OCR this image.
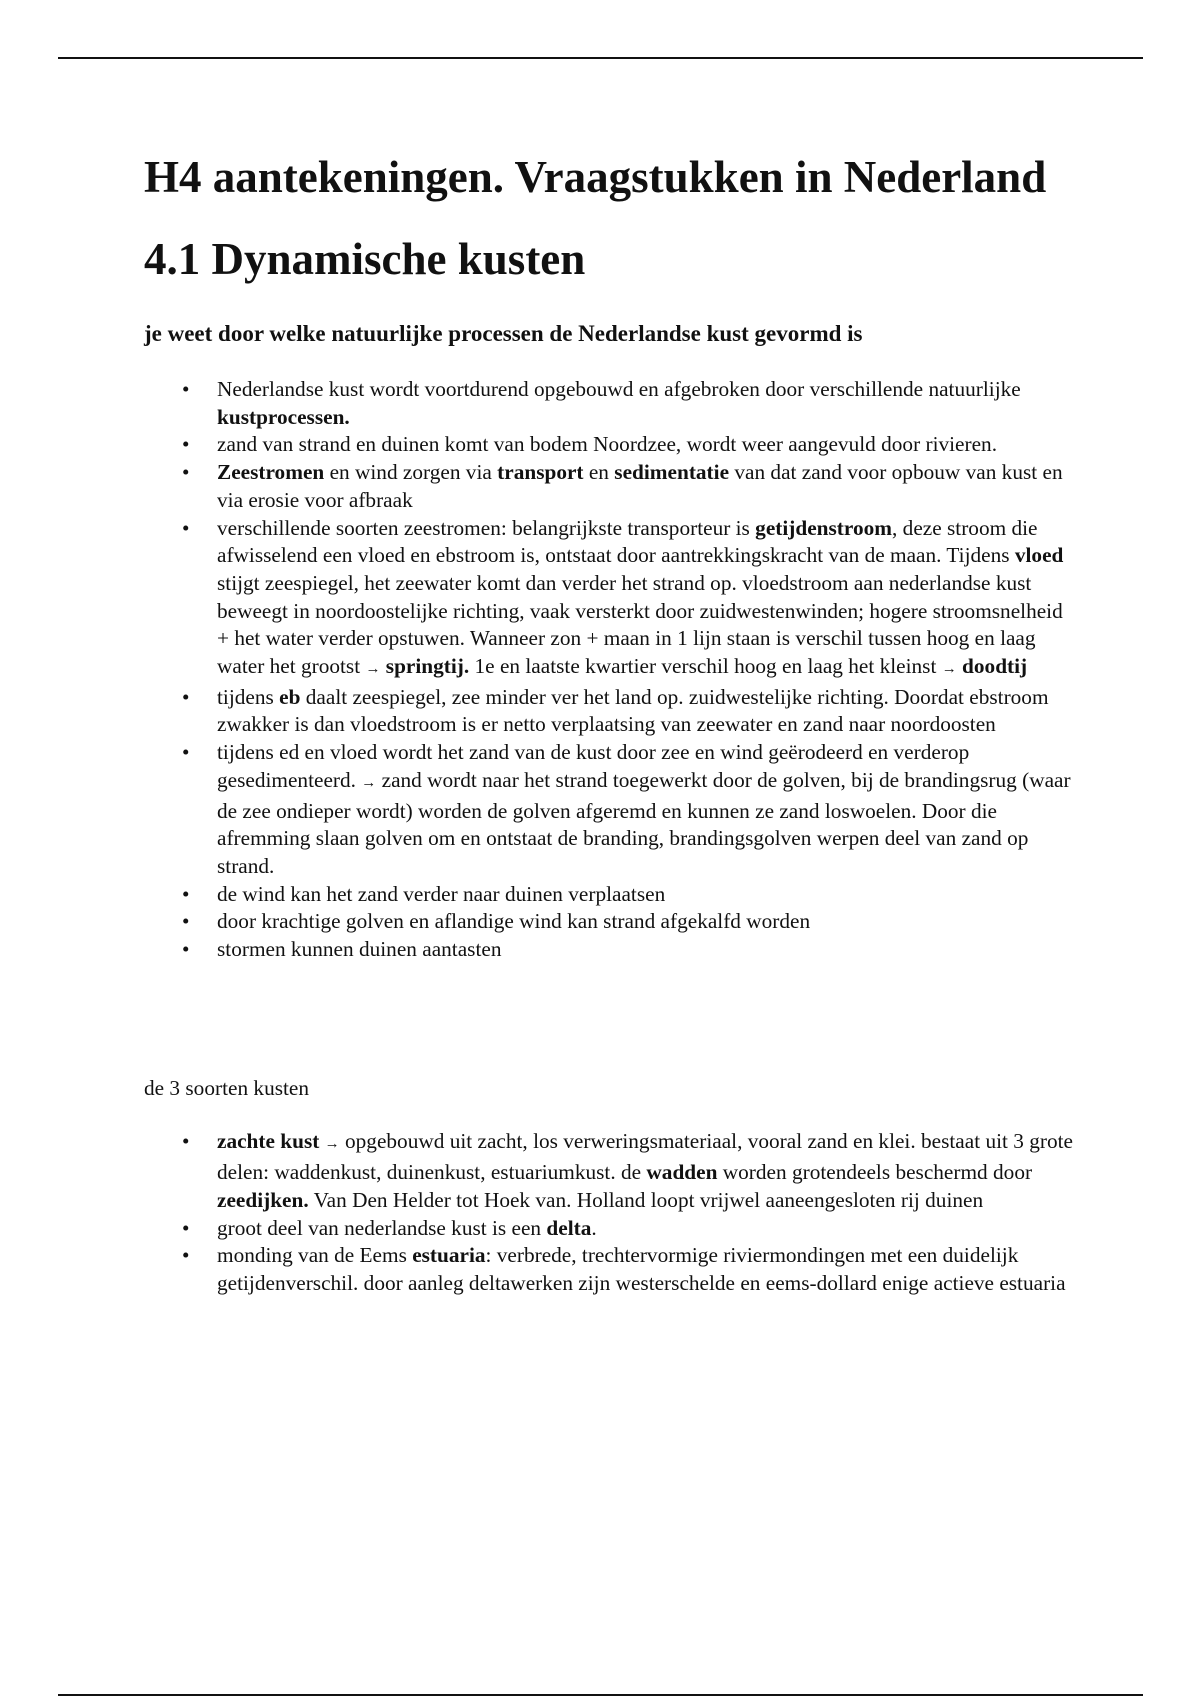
H4 aantekeningen. Vraagstukken in Nederland
4.1 Dynamische kusten
je weet door welke natuurlijke processen de Nederlandse kust gevormd is
• Nederlandse kust wordt voortdurend opgebouwd en afgebroken door verschillende natuurlijke kustprocessen.
• zand van strand en duinen komt van bodem Noordzee, wordt weer aangevuld door rivieren.
• Zeestromen en wind zorgen via transport en sedimentatie van dat zand voor opbouw van kust en via erosie voor afbraak
• verschillende soorten zeestromen: belangrijkste transporteur is getijdenstroom, deze stroom die afwisselend een vloed en ebstroom is, ontstaat door aantrekkingskracht van de maan. Tijdens vloed stijgt zeespiegel, het zeewater komt dan verder het strand op. vloedstroom aan nederlandse kust beweegt in noordoostelijke richting, vaak versterkt door zuidwestenwinden; hogere stroomsnelheid + het water verder opstuwen. Wanneer zon + maan in 1 lijn staan is verschil tussen hoog en laag water het grootst → springtij. 1e en laatste kwartier verschil hoog en laag het kleinst → doodtij
• tijdens eb daalt zeespiegel, zee minder ver het land op. zuidwestelijke richting. Doordat ebstroom zwakker is dan vloedstroom is er netto verplaatsing van zeewater en zand naar noordoosten
• tijdens ed en vloed wordt het zand van de kust door zee en wind geërodeerd en verderop gesedimenteerd. → zand wordt naar het strand toegewerkt door de golven, bij de brandingsrug (waar de zee ondieper wordt) worden de golven afgeremd en kunnen ze zand loswoelen. Door die afremming slaan golven om en ontstaat de branding, brandingsgolven werpen deel van zand op strand.
• de wind kan het zand verder naar duinen verplaatsen
• door krachtige golven en aflandige wind kan strand afgekalfd worden
• stormen kunnen duinen aantasten

de 3 soorten kusten

• zachte kust → opgebouwd uit zacht, los verweringsmateriaal, vooral zand en klei. bestaat uit 3 grote delen: waddenkust, duinenkust, estuariumkust. de wadden worden grotendeels beschermd door zeedijken. Van Den Helder tot Hoek van. Holland loopt vrijwel aaneengesloten rij duinen
• groot deel van nederlandse kust is een delta.
• monding van de Eems estuaria: verbrede, trechtervormige riviermondingen met een duidelijk getijdenverschil. door aanleg deltawerken zijn westerschelde en eems-dollard enige actieve estuaria
